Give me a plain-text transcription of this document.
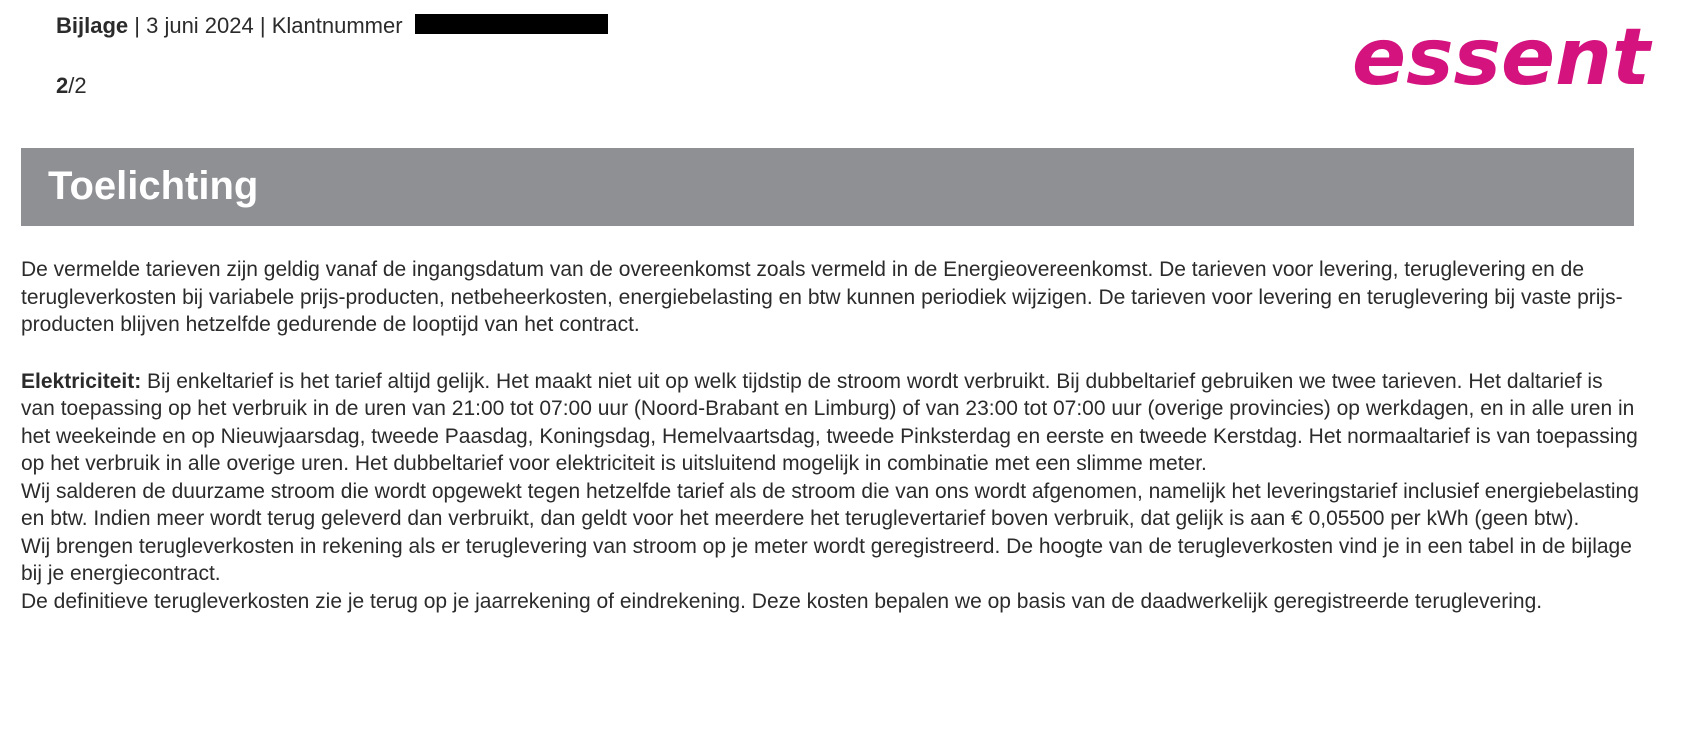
Bijlage | 3 juni 2024 | Klantnummer
2/2	essent
Toelichting

De vermelde tarieven zijn geldig vanaf de ingangsdatum van de overeenkomst zoals vermeld in de Energieovereenkomst. De tarieven voor levering, teruglevering en de terugleverkosten bij variabele prijs-producten, netbeheerkosten, energiebelasting en btw kunnen periodiek wijzigen. De tarieven voor levering en teruglevering bij vaste prijs-producten blijven hetzelfde gedurende de looptijd van het contract.

Elektriciteit: Bij enkeltarief is het tarief altijd gelijk. Het maakt niet uit op welk tijdstip de stroom wordt verbruikt. Bij dubbeltarief gebruiken we twee tarieven. Het daltarief is van toepassing op het verbruik in de uren van 21:00 tot 07:00 uur (Noord-Brabant en Limburg) of van 23:00 tot 07:00 uur (overige provincies) op werkdagen, en in alle uren in het weekeinde en op Nieuwjaarsdag, tweede Paasdag, Koningsdag, Hemelvaartsdag, tweede Pinksterdag en eerste en tweede Kerstdag. Het normaaltarief is van toepassing op het verbruik in alle overige uren. Het dubbeltarief voor elektriciteit is uitsluitend mogelijk in combinatie met een slimme meter.

Wij salderen de duurzame stroom die wordt opgewekt tegen hetzelfde tarief als de stroom die van ons wordt afgenomen, namelijk het leveringstarief inclusief energiebelasting en btw. Indien meer wordt terug geleverd dan verbruikt, dan geldt voor het meerdere het teruglevertarief boven verbruik, dat gelijk is aan € 0,05500 per kWh (geen btw).

Wij brengen terugleverkosten in rekening als er teruglevering van stroom op je meter wordt geregistreerd. De hoogte van de terugleverkosten vind je in een tabel in de bijlage bij je energiecontract.

De definitieve terugleverkosten zie je terug op je jaarrekening of eindrekening. Deze kosten bepalen we op basis van de daadwerkelijk geregistreerde teruglevering.
